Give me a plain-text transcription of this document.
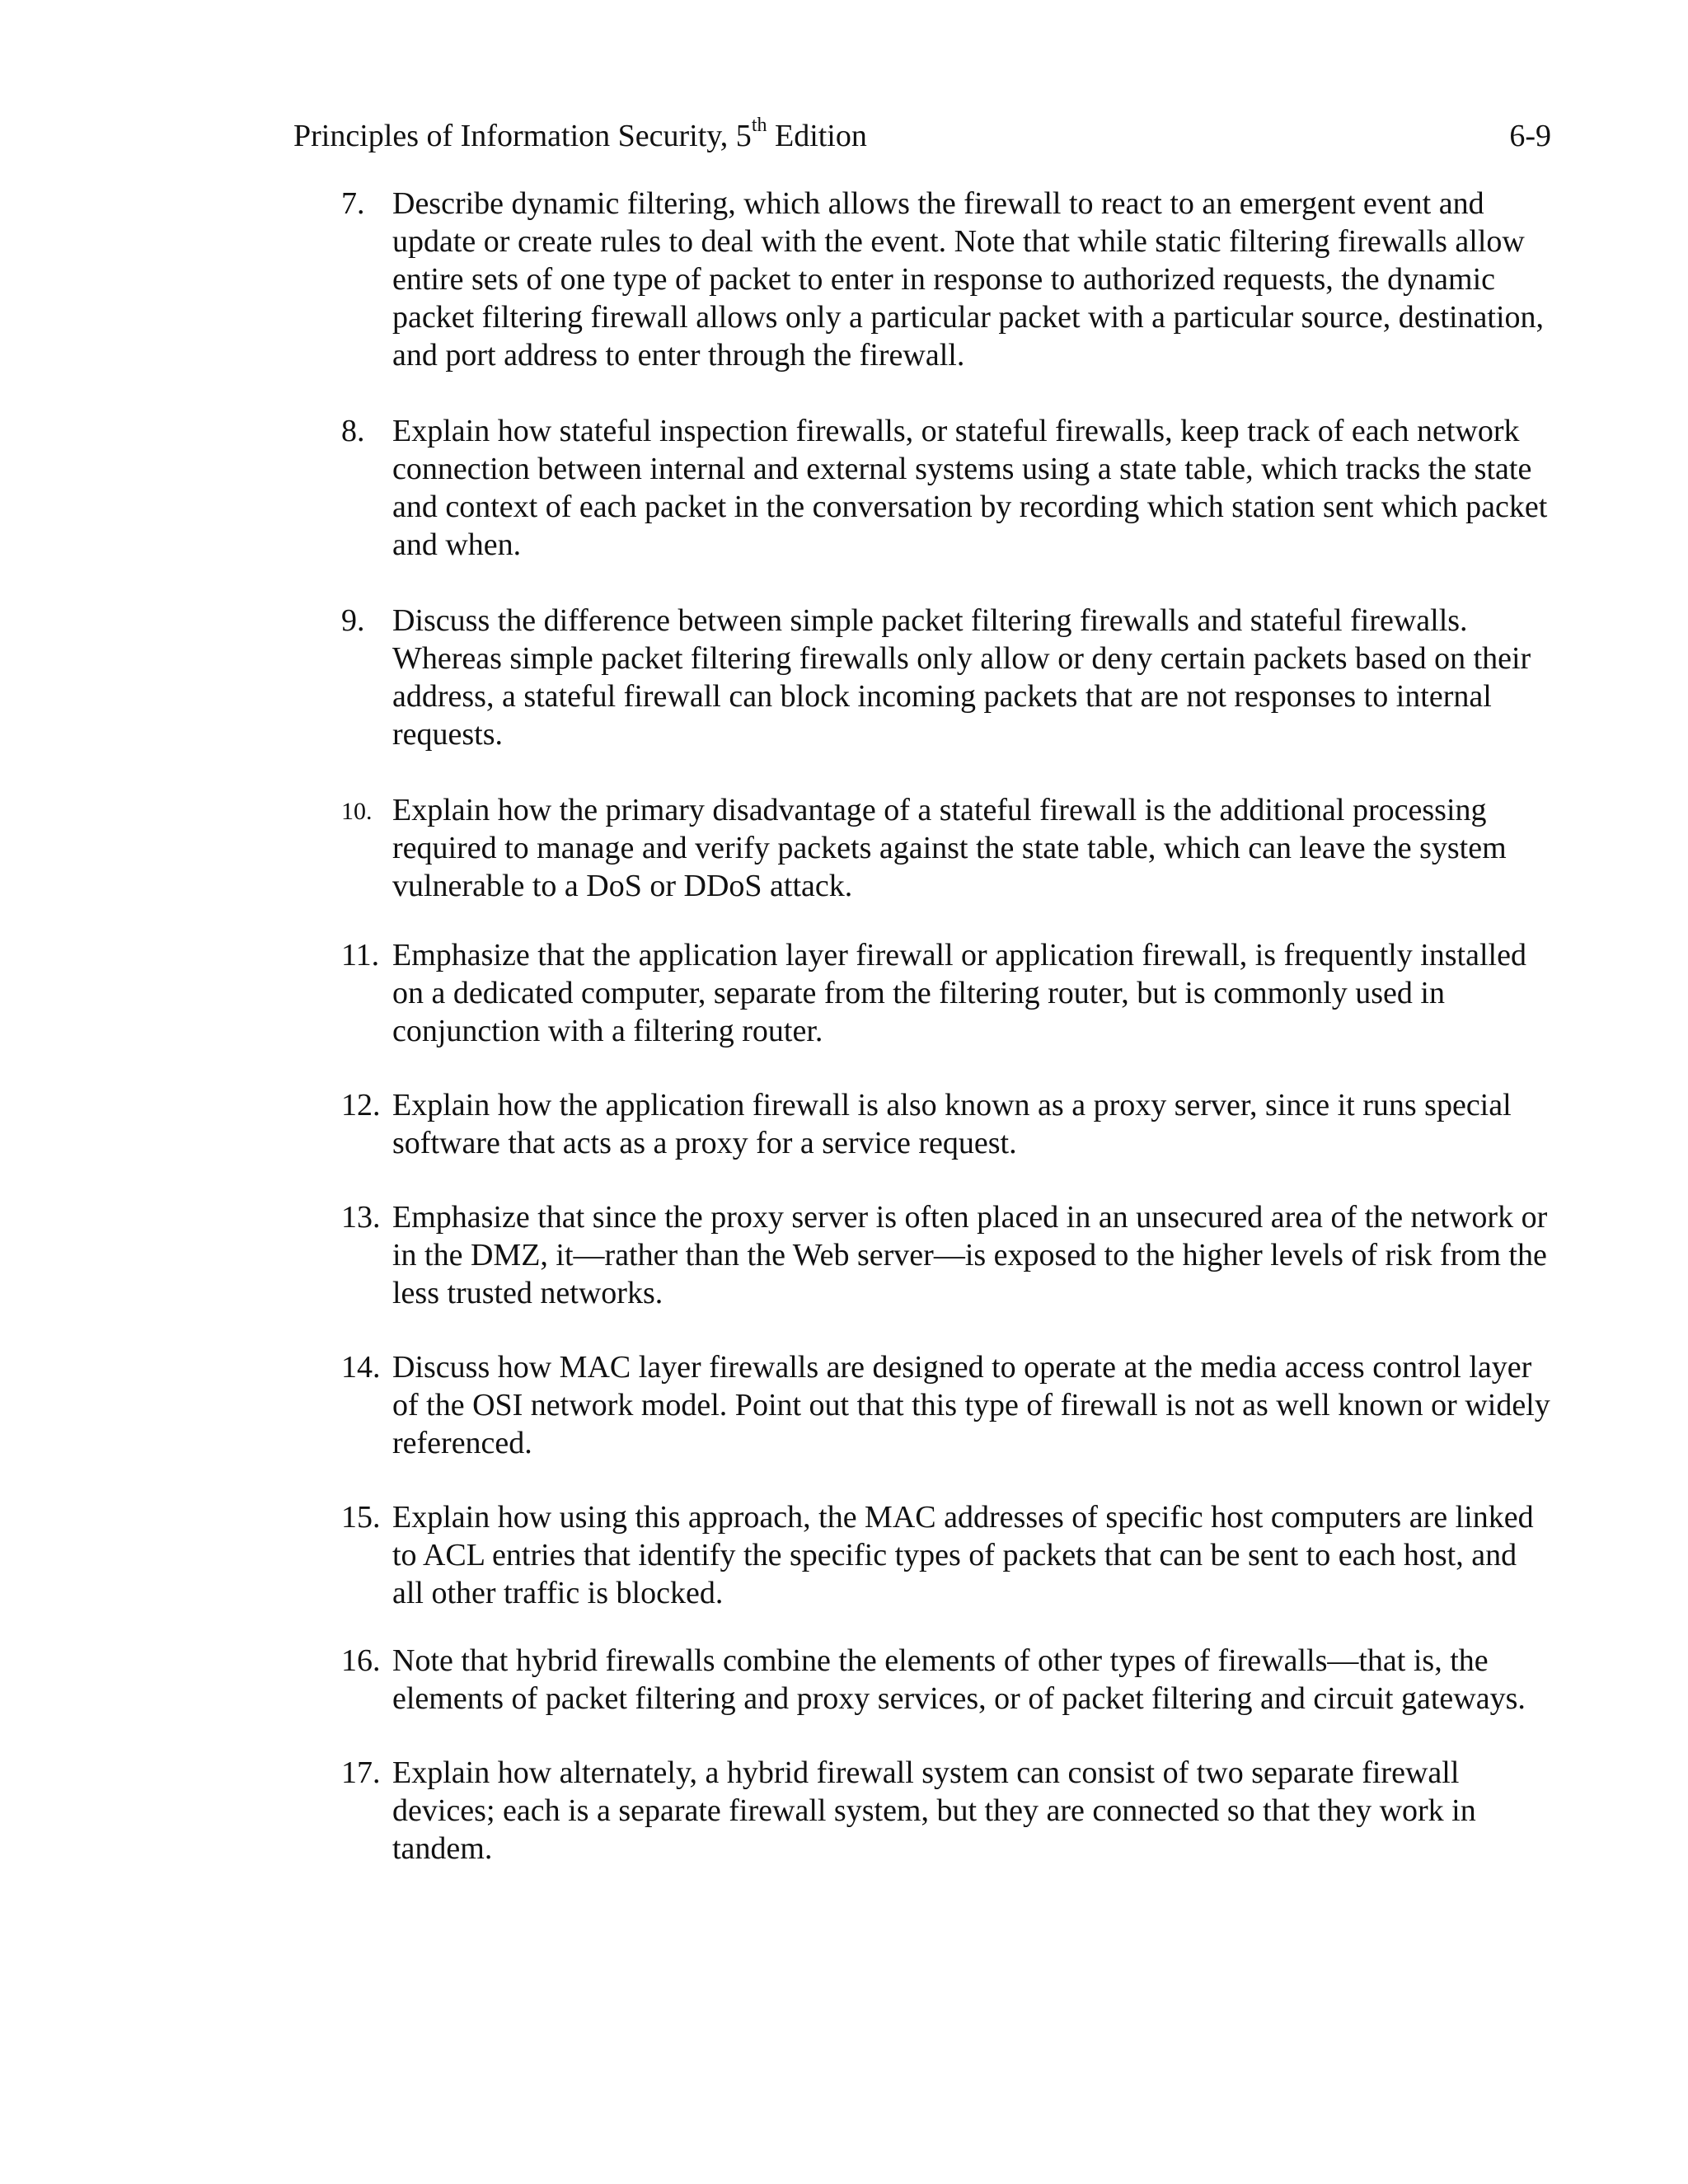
Principles of Information Security, 5th Edition	6-9
7. Describe dynamic filtering, which allows the firewall to react to an emergent event and update or create rules to deal with the event. Note that while static filtering firewalls allow entire sets of one type of packet to enter in response to authorized requests, the dynamic packet filtering firewall allows only a particular packet with a particular source, destination, and port address to enter through the firewall.
8. Explain how stateful inspection firewalls, or stateful firewalls, keep track of each network connection between internal and external systems using a state table, which tracks the state and context of each packet in the conversation by recording which station sent which packet and when.
9. Discuss the difference between simple packet filtering firewalls and stateful firewalls. Whereas simple packet filtering firewalls only allow or deny certain packets based on their address, a stateful firewall can block incoming packets that are not responses to internal requests.
10. Explain how the primary disadvantage of a stateful firewall is the additional processing required to manage and verify packets against the state table, which can leave the system vulnerable to a DoS or DDoS attack.
11. Emphasize that the application layer firewall or application firewall, is frequently installed on a dedicated computer, separate from the filtering router, but is commonly used in conjunction with a filtering router.
12. Explain how the application firewall is also known as a proxy server, since it runs special software that acts as a proxy for a service request.
13. Emphasize that since the proxy server is often placed in an unsecured area of the network or in the DMZ, it—rather than the Web server—is exposed to the higher levels of risk from the less trusted networks.
14. Discuss how MAC layer firewalls are designed to operate at the media access control layer of the OSI network model. Point out that this type of firewall is not as well known or widely referenced.
15. Explain how using this approach, the MAC addresses of specific host computers are linked to ACL entries that identify the specific types of packets that can be sent to each host, and all other traffic is blocked.
16. Note that hybrid firewalls combine the elements of other types of firewalls—that is, the elements of packet filtering and proxy services, or of packet filtering and circuit gateways.
17. Explain how alternately, a hybrid firewall system can consist of two separate firewall devices; each is a separate firewall system, but they are connected so that they work in tandem.
